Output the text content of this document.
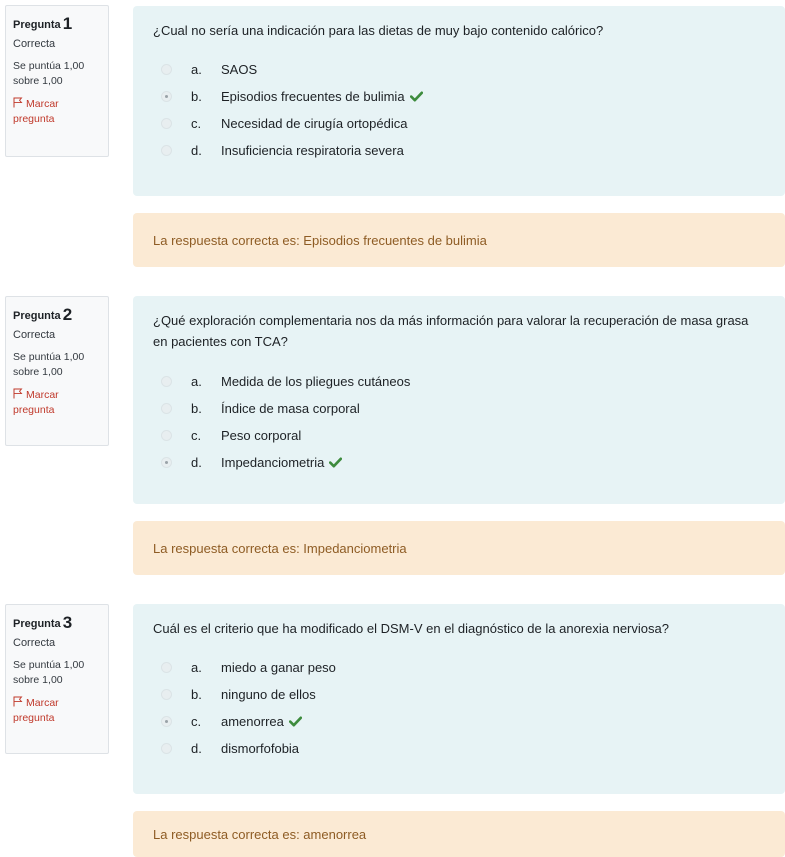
Pregunta 1
Correcta
Se puntúa 1,00
sobre 1,00
Marcar
pregunta
¿Cual no sería una indicación para las dietas de muy bajo contenido calórico?
a. SAOS
b. Episodios frecuentes de bulimia
c. Necesidad de cirugía ortopédica
d. Insuficiencia respiratoria severa
La respuesta correcta es: Episodios frecuentes de bulimia
Pregunta 2
Correcta
Se puntúa 1,00
sobre 1,00
Marcar
pregunta
¿Qué exploración complementaria nos da más información para valorar la recuperación de masa grasa en pacientes con TCA?
a. Medida de los pliegues cutáneos
b. Índice de masa corporal
c. Peso corporal
d. Impedanciometria
La respuesta correcta es: Impedanciometria
Pregunta 3
Correcta
Se puntúa 1,00
sobre 1,00
Marcar
pregunta
Cuál es el criterio que ha modificado el DSM-V en el diagnóstico de la anorexia nerviosa?
a. miedo a ganar peso
b. ninguno de ellos
c. amenorrea
d. dismorfofobia
La respuesta correcta es: amenorrea
